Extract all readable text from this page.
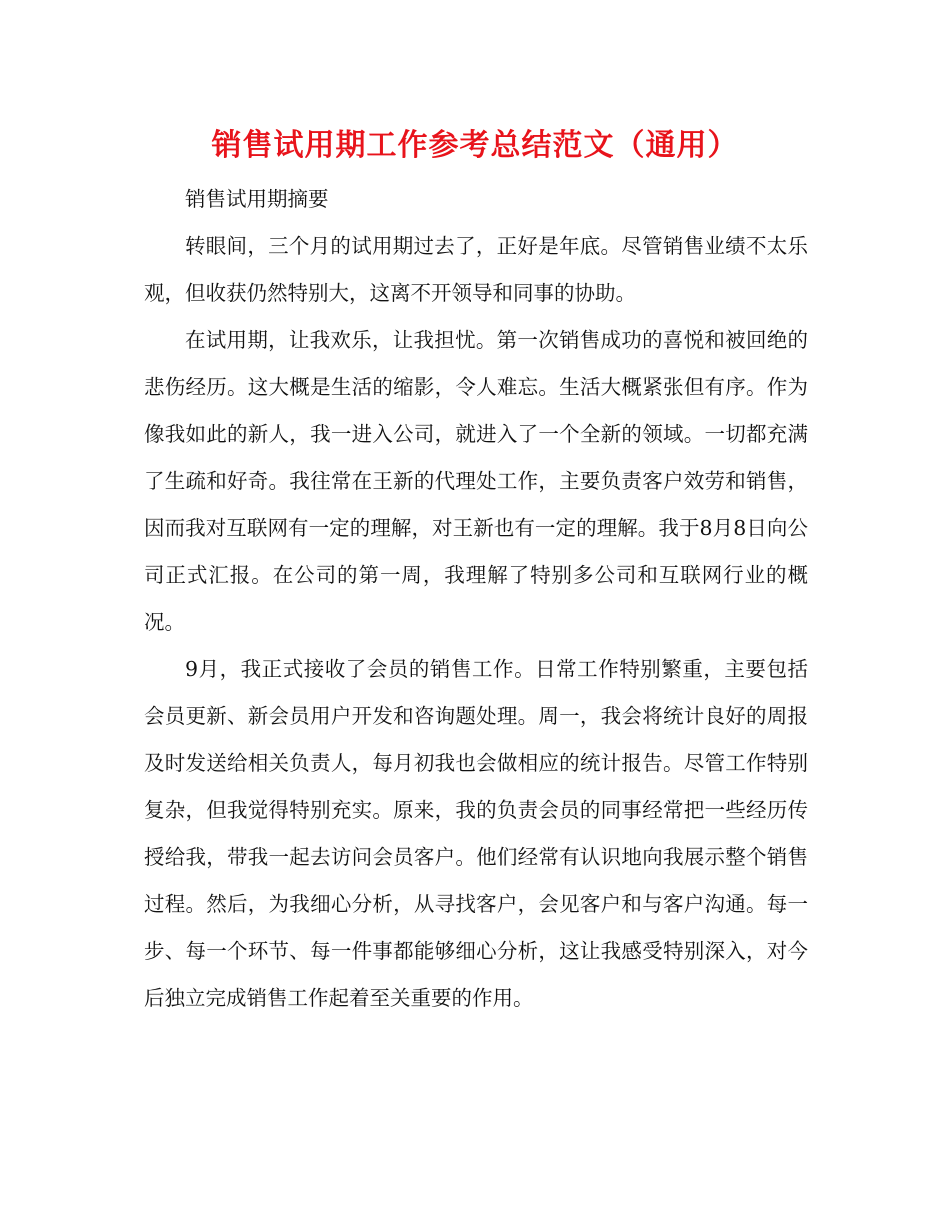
销售试用期工作参考总结范文（通用）

销售试用期摘要

转眼间，三个月的试用期过去了，正好是年底。尽管销售业绩不太乐观，但收获仍然特别大，这离不开领导和同事的协助。

在试用期，让我欢乐，让我担忧。第一次销售成功的喜悦和被回绝的悲伤经历。这大概是生活的缩影，令人难忘。生活大概紧张但有序。作为像我如此的新人，我一进入公司，就进入了一个全新的领域。一切都充满了生疏和好奇。我往常在王新的代理处工作，主要负责客户效劳和销售，因而我对互联网有一定的理解，对王新也有一定的理解。我于8月8日向公司正式汇报。在公司的第一周，我理解了特别多公司和互联网行业的概况。

9月，我正式接收了会员的销售工作。日常工作特别繁重，主要包括会员更新、新会员用户开发和咨询题处理。周一，我会将统计良好的周报及时发送给相关负责人，每月初我也会做相应的统计报告。尽管工作特别复杂，但我觉得特别充实。原来，我的负责会员的同事经常把一些经历传授给我，带我一起去访问会员客户。他们经常有认识地向我展示整个销售过程。然后，为我细心分析，从寻找客户，会见客户和与客户沟通。每一步、每一个环节、每一件事都能够细心分析，这让我感受特别深入，对今后独立完成销售工作起着至关重要的作用。
